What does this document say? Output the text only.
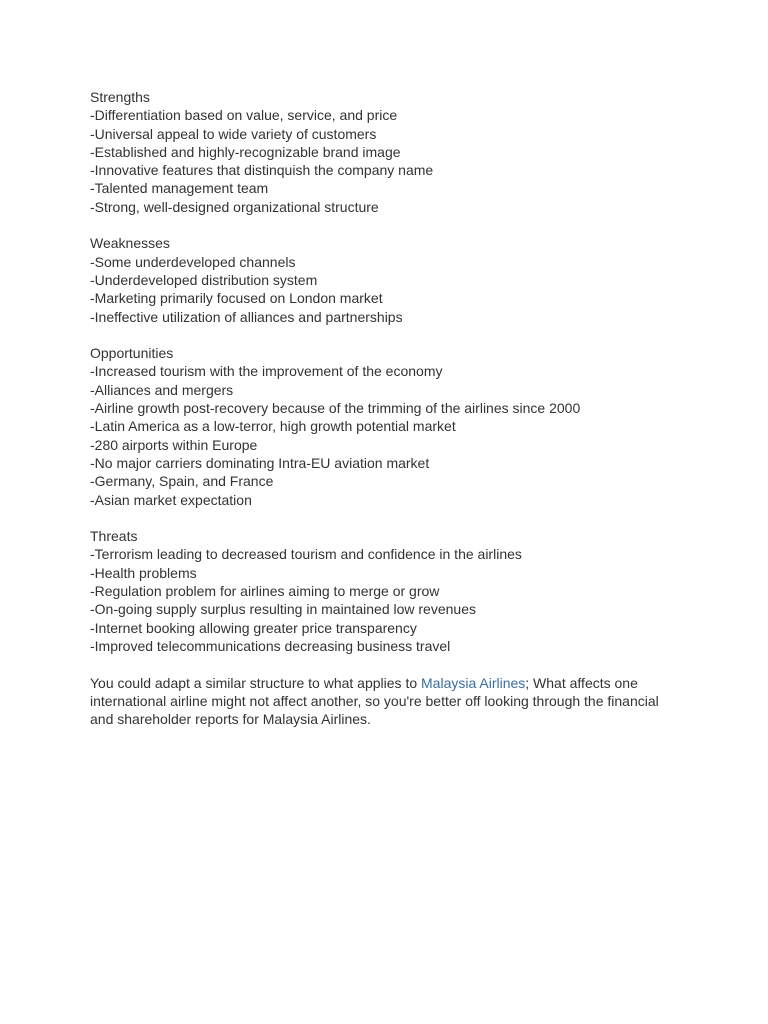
Strengths
-Differentiation based on value, service, and price
-Universal appeal to wide variety of customers
-Established and highly-recognizable brand image
-Innovative features that distinquish the company name
-Talented management team
-Strong, well-designed organizational structure
Weaknesses
-Some underdeveloped channels
-Underdeveloped distribution system
-Marketing primarily focused on London market
-Ineffective utilization of alliances and partnerships
Opportunities
-Increased tourism with the improvement of the economy
-Alliances and mergers
-Airline growth post-recovery because of the trimming of the airlines since 2000
-Latin America as a low-terror, high growth potential market
-280 airports within Europe
-No major carriers dominating Intra-EU aviation market
-Germany, Spain, and France
-Asian market expectation
Threats
-Terrorism leading to decreased tourism and confidence in the airlines
-Health problems
-Regulation problem for airlines aiming to merge or grow
-On-going supply surplus resulting in maintained low revenues
-Internet booking allowing greater price transparency
-Improved telecommunications decreasing business travel
You could adapt a similar structure to what applies to Malaysia Airlines; What affects one
international airline might not affect another, so you're better off looking through the financial
and shareholder reports for Malaysia Airlines.
